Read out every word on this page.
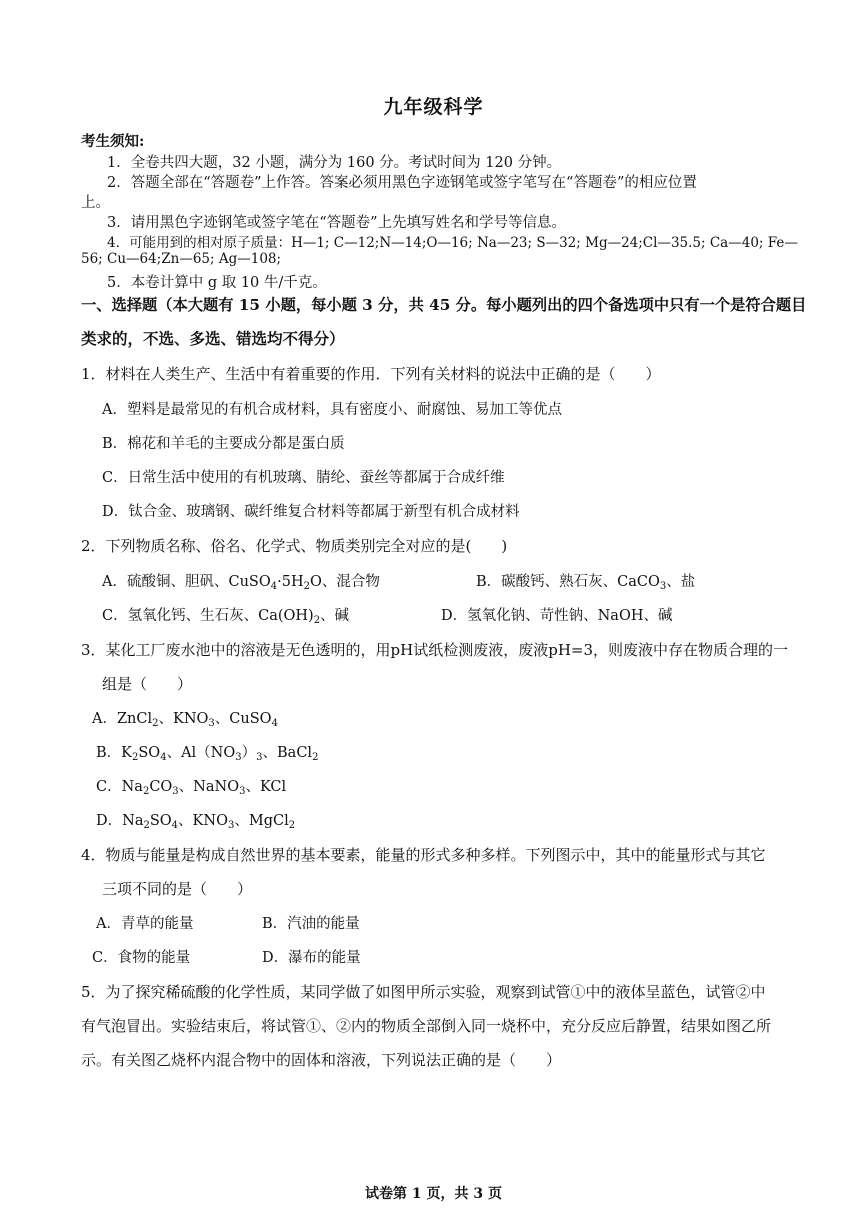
九年级科学
考生须知:
1．全卷共四大题，32 小题，满分为 160 分。考试时间为 120 分钟。
2．答题全部在“答题卷”上作答。答案必须用黑色字迹钢笔或签字笔写在“答题卷”的相应位置
上。
3．请用黑色字迹钢笔或签字笔在“答题卷”上先填写姓名和学号等信息。
4．可能用到的相对原子质量：H—1; C—12;N—14;O—16; Na—23; S—32; Mg—24;Cl—35.5; Ca—40; Fe—
56; Cu—64;Zn—65; Ag—108;
5．本卷计算中 g 取 10 牛/千克。
一、选择题（本大题有 15 小题，每小题 3 分，共 45 分。每小题列出的四个备选项中只有一个是符合题目
类求的，不选、多选、错选均不得分）
1．材料在人类生产、生活中有着重要的作用．下列有关材料的说法中正确的是（　　）
A．塑料是最常见的有机合成材料，具有密度小、耐腐蚀、易加工等优点
B．棉花和羊毛的主要成分都是蛋白质
C．日常生活中使用的有机玻璃、腈纶、蚕丝等都属于合成纤维
D．钛合金、玻璃钢、碳纤维复合材料等都属于新型有机合成材料
2．下列物质名称、俗名、化学式、物质类别完全对应的是(　　)
A．硫酸铜、胆矾、$CuSO_4\cdot 5H_2O$、混合物	B．碳酸钙、熟石灰、CaCO$_3$、盐
C．氢氧化钙、生石灰、$Ca(OH)_2$、碱	D．氢氧化钠、苛性钠、NaOH、碱
3．某化工厂废水池中的溶液是无色透明的，用pH试纸检测废液，废液pH=3，则废液中存在物质合理的一
组是（　　）
A．ZnCl$_2$、$KNO_3$、CuSO$_4$
B．$K_2SO_4$、$Al(NO_3)_3$、BaCl$_2$
C．$Na_2CO_3$、NaNO$_3$、KCl
D．$Na_2SO_4$、$KNO_3$、MgCl$_2$
4．物质与能量是构成自然世界的基本要素，能量的形式多种多样。下列图示中，其中的能量形式与其它
三项不同的是（　　）
A．青草的能量	B．汽油的能量
C．食物的能量	D．瀑布的能量
5．为了探究稀硫酸的化学性质，某同学做了如图甲所示实验，观察到试管①中的液体呈蓝色，试管②中
有气泡冒出。实验结束后，将试管①、②内的物质全部倒入同一烧杯中，充分反应后静置，结果如图乙所
示。有关图乙烧杯内混合物中的固体和溶液，下列说法正确的是（　　）
试卷第 1 页，共 3 页
